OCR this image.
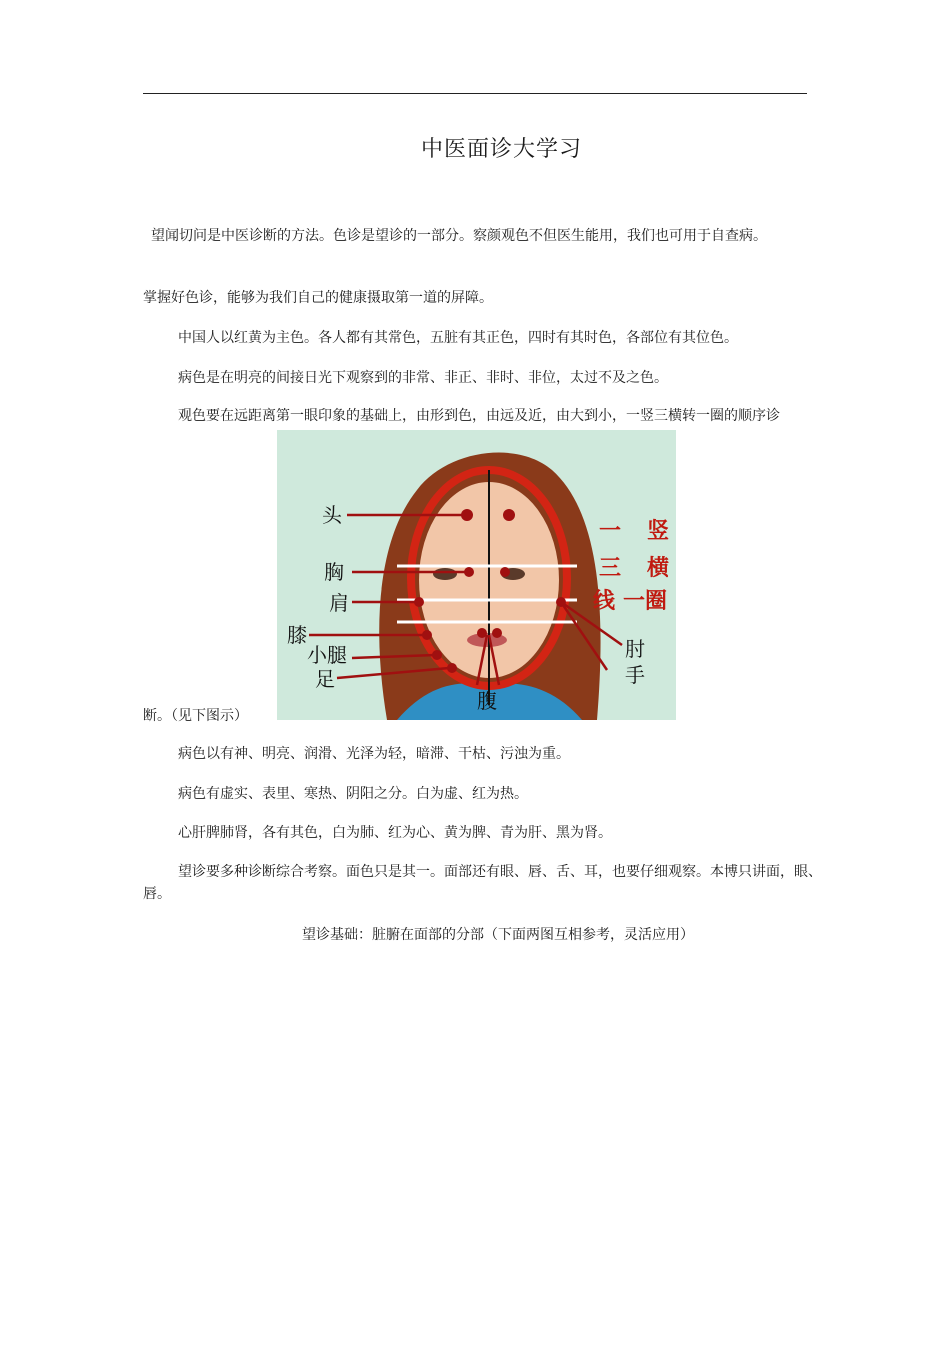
中医面诊大学习
望闻切问是中医诊断的方法。色诊是望诊的一部分。察颜观色不但医生能用，我们也可用于自查病。
掌握好色诊，能够为我们自己的健康摄取第一道的屏障。
中国人以红黄为主色。各人都有其常色，五脏有其正色，四时有其时色，各部位有其位色。
病色是在明亮的间接日光下观察到的非常、非正、非时、非位，太过不及之色。
观色要在远距离第一眼印象的基础上，由形到色，由远及近，由大到小，一竖三横转一圈的顺序诊
头
胸
肩
膝
小腿
足
肘
手
腹
一 竖
三 横
线 一圈
断。（见下图示）
病色以有神、明亮、润滑、光泽为轻，暗滞、干枯、污浊为重。
病色有虚实、表里、寒热、阴阳之分。白为虚、红为热。
心肝脾肺肾，各有其色，白为肺、红为心、黄为脾、青为肝、黑为肾。
望诊要多种诊断综合考察。面色只是其一。面部还有眼、唇、舌、耳，也要仔细观察。本博只讲面，眼、唇。
望诊基础：脏腑在面部的分部（下面两图互相参考，灵活应用）
